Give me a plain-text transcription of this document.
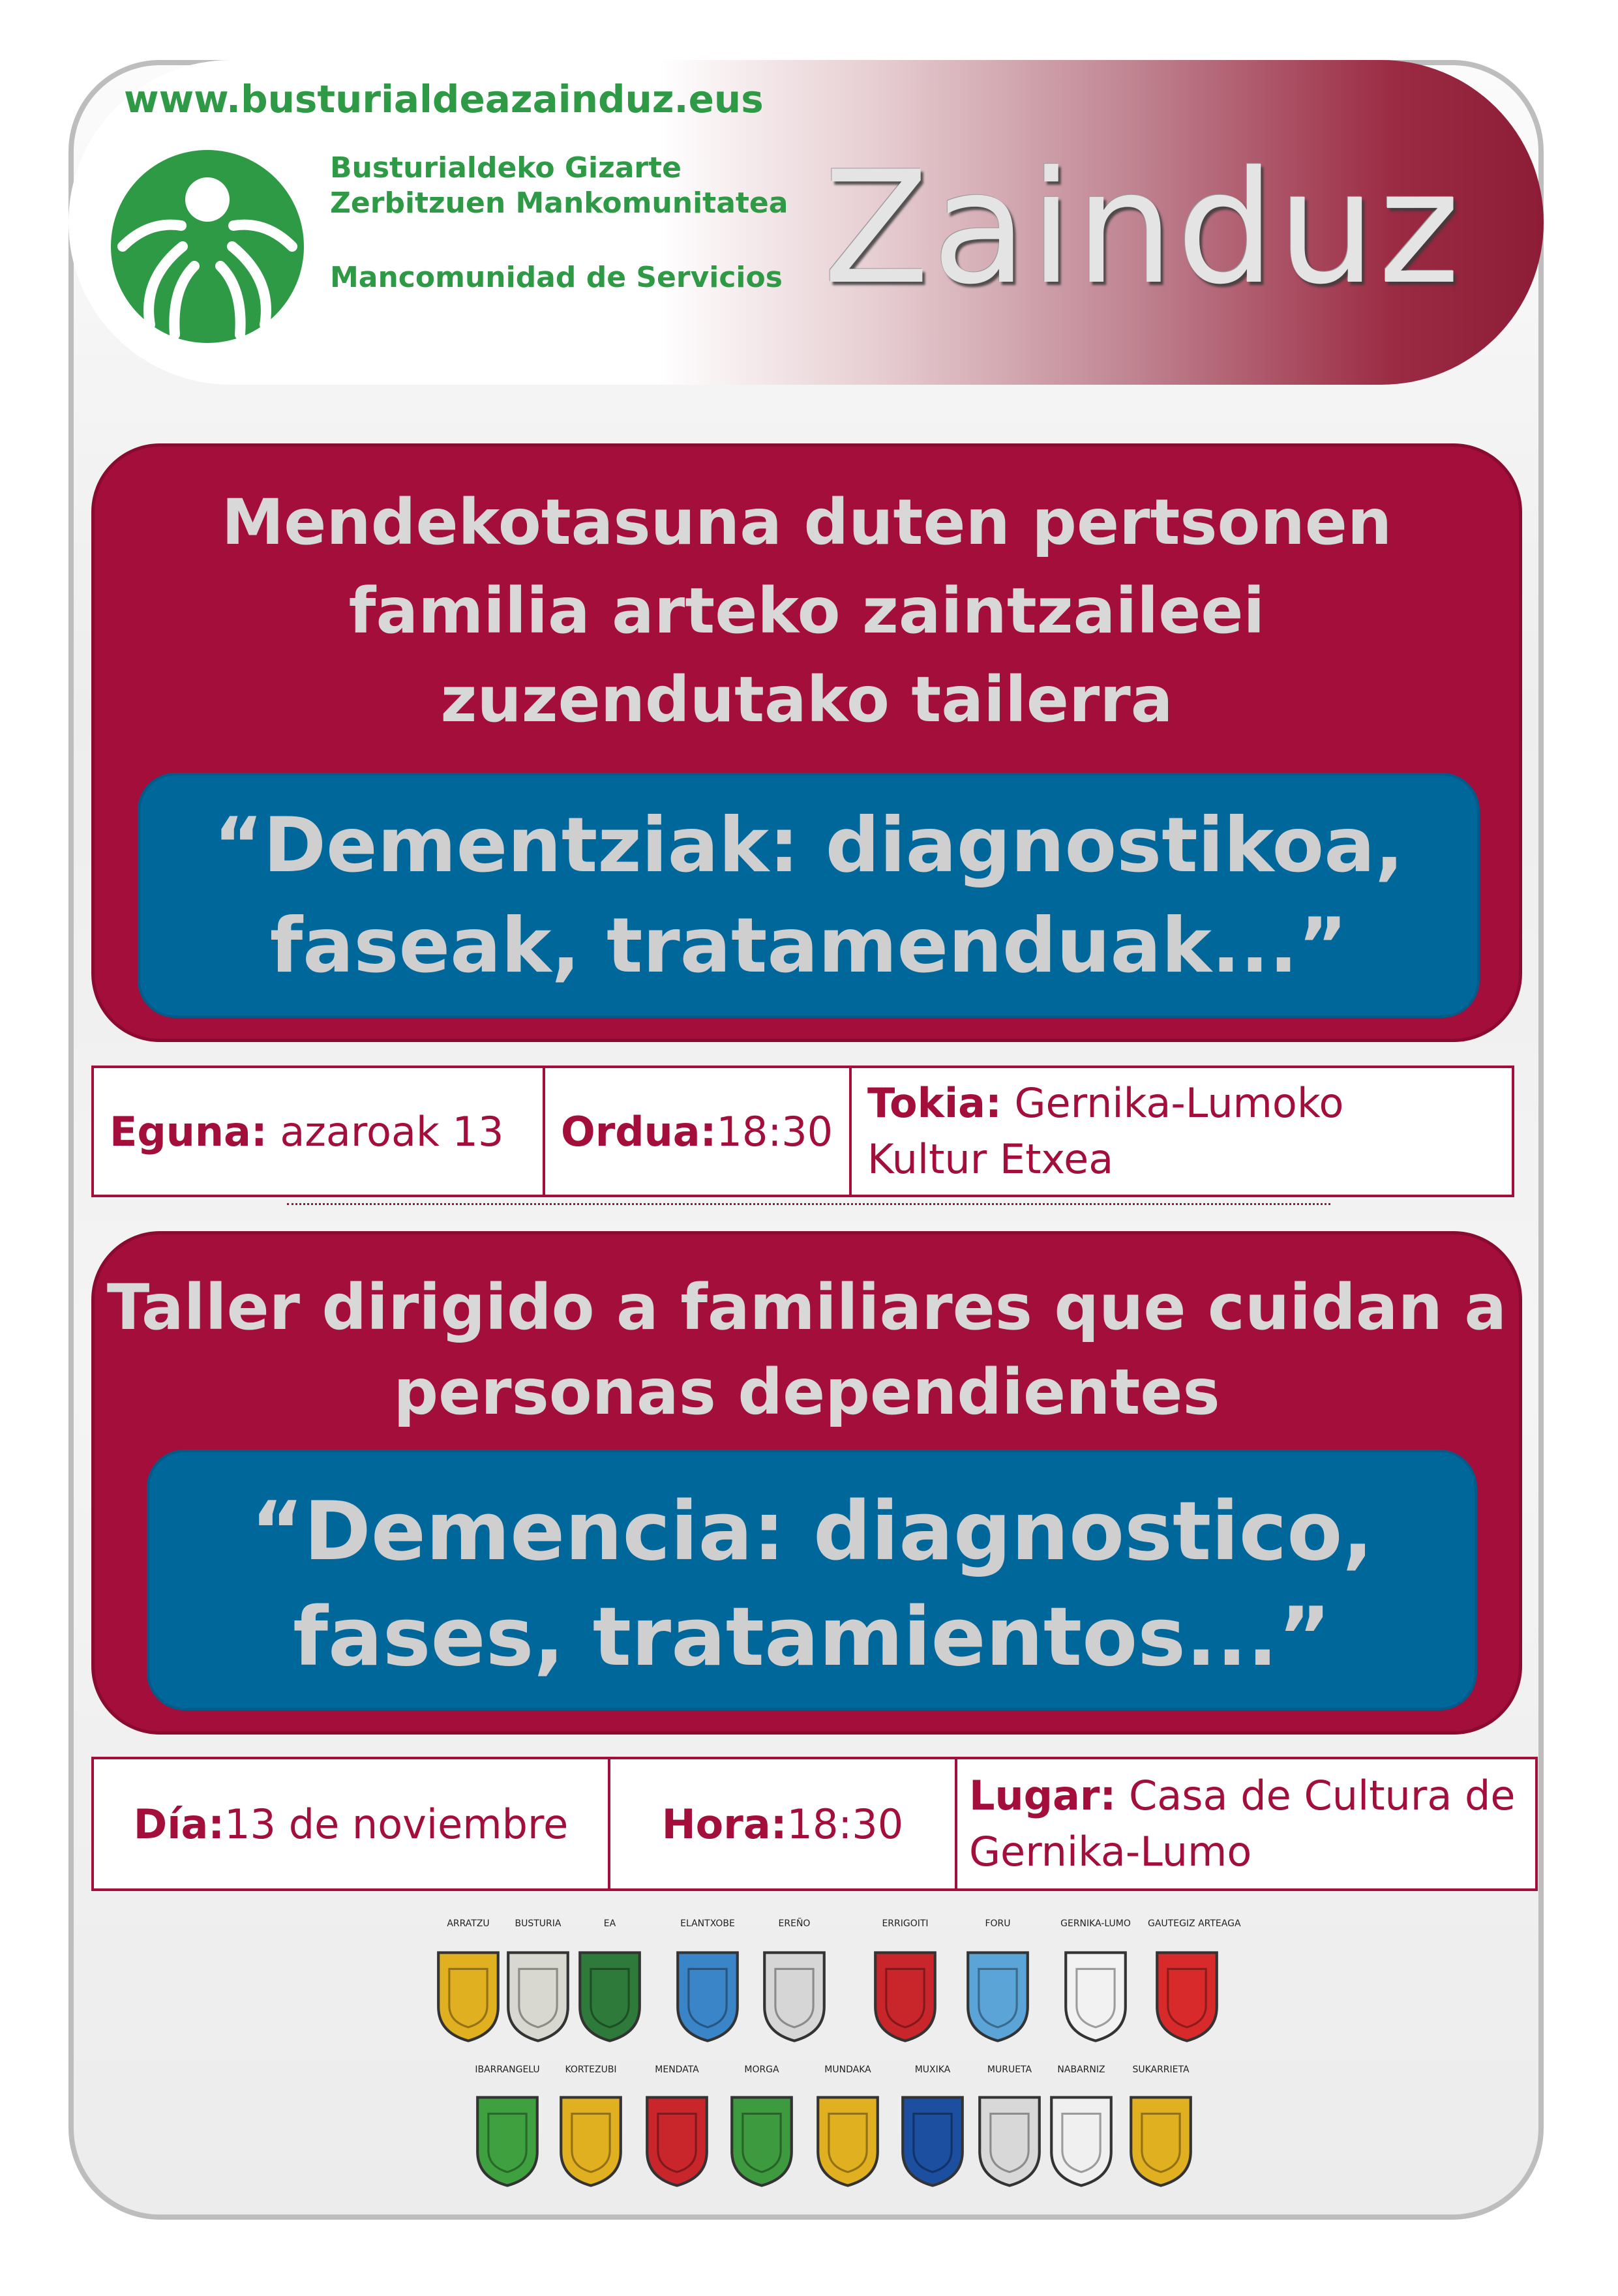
www.busturialdeazainduz.eus
Busturialdeko Gizarte
Zerbitzuen Mankomunitatea
Mancomunidad de Servicios Zainduz
Mendekotasuna duten pertsonen
familia arteko zaintzaileei
zuzendutako tailerra
“Dementziak: diagnostikoa,
faseak, tratamenduak...”
Eguna: azaroak 13 Ordua: 18:30
Tokia: Gernika-Lumoko
Kultur Etxea
Taller dirigido a familiares que cuidan a
personas dependientes
“Demencia: diagnostico,
fases, tratamientos...”
Día: 13 de noviembre Hora: 18:30
Lugar: Casa de Cultura de
Gernika-Lumo
ARRATZU	BUSTURIA	EA	ELANTXOBE	EREÑO	ERRIGOITI	FORU	GERNIKA-LUMO	GAUTEGIZ ARTEAGA
IBARRANGELU	KORTEZUBI	MENDATA	MORGA	MUNDAKA	MUXIKA	MURUETA	NABARNIZ	SUKARRIETA
